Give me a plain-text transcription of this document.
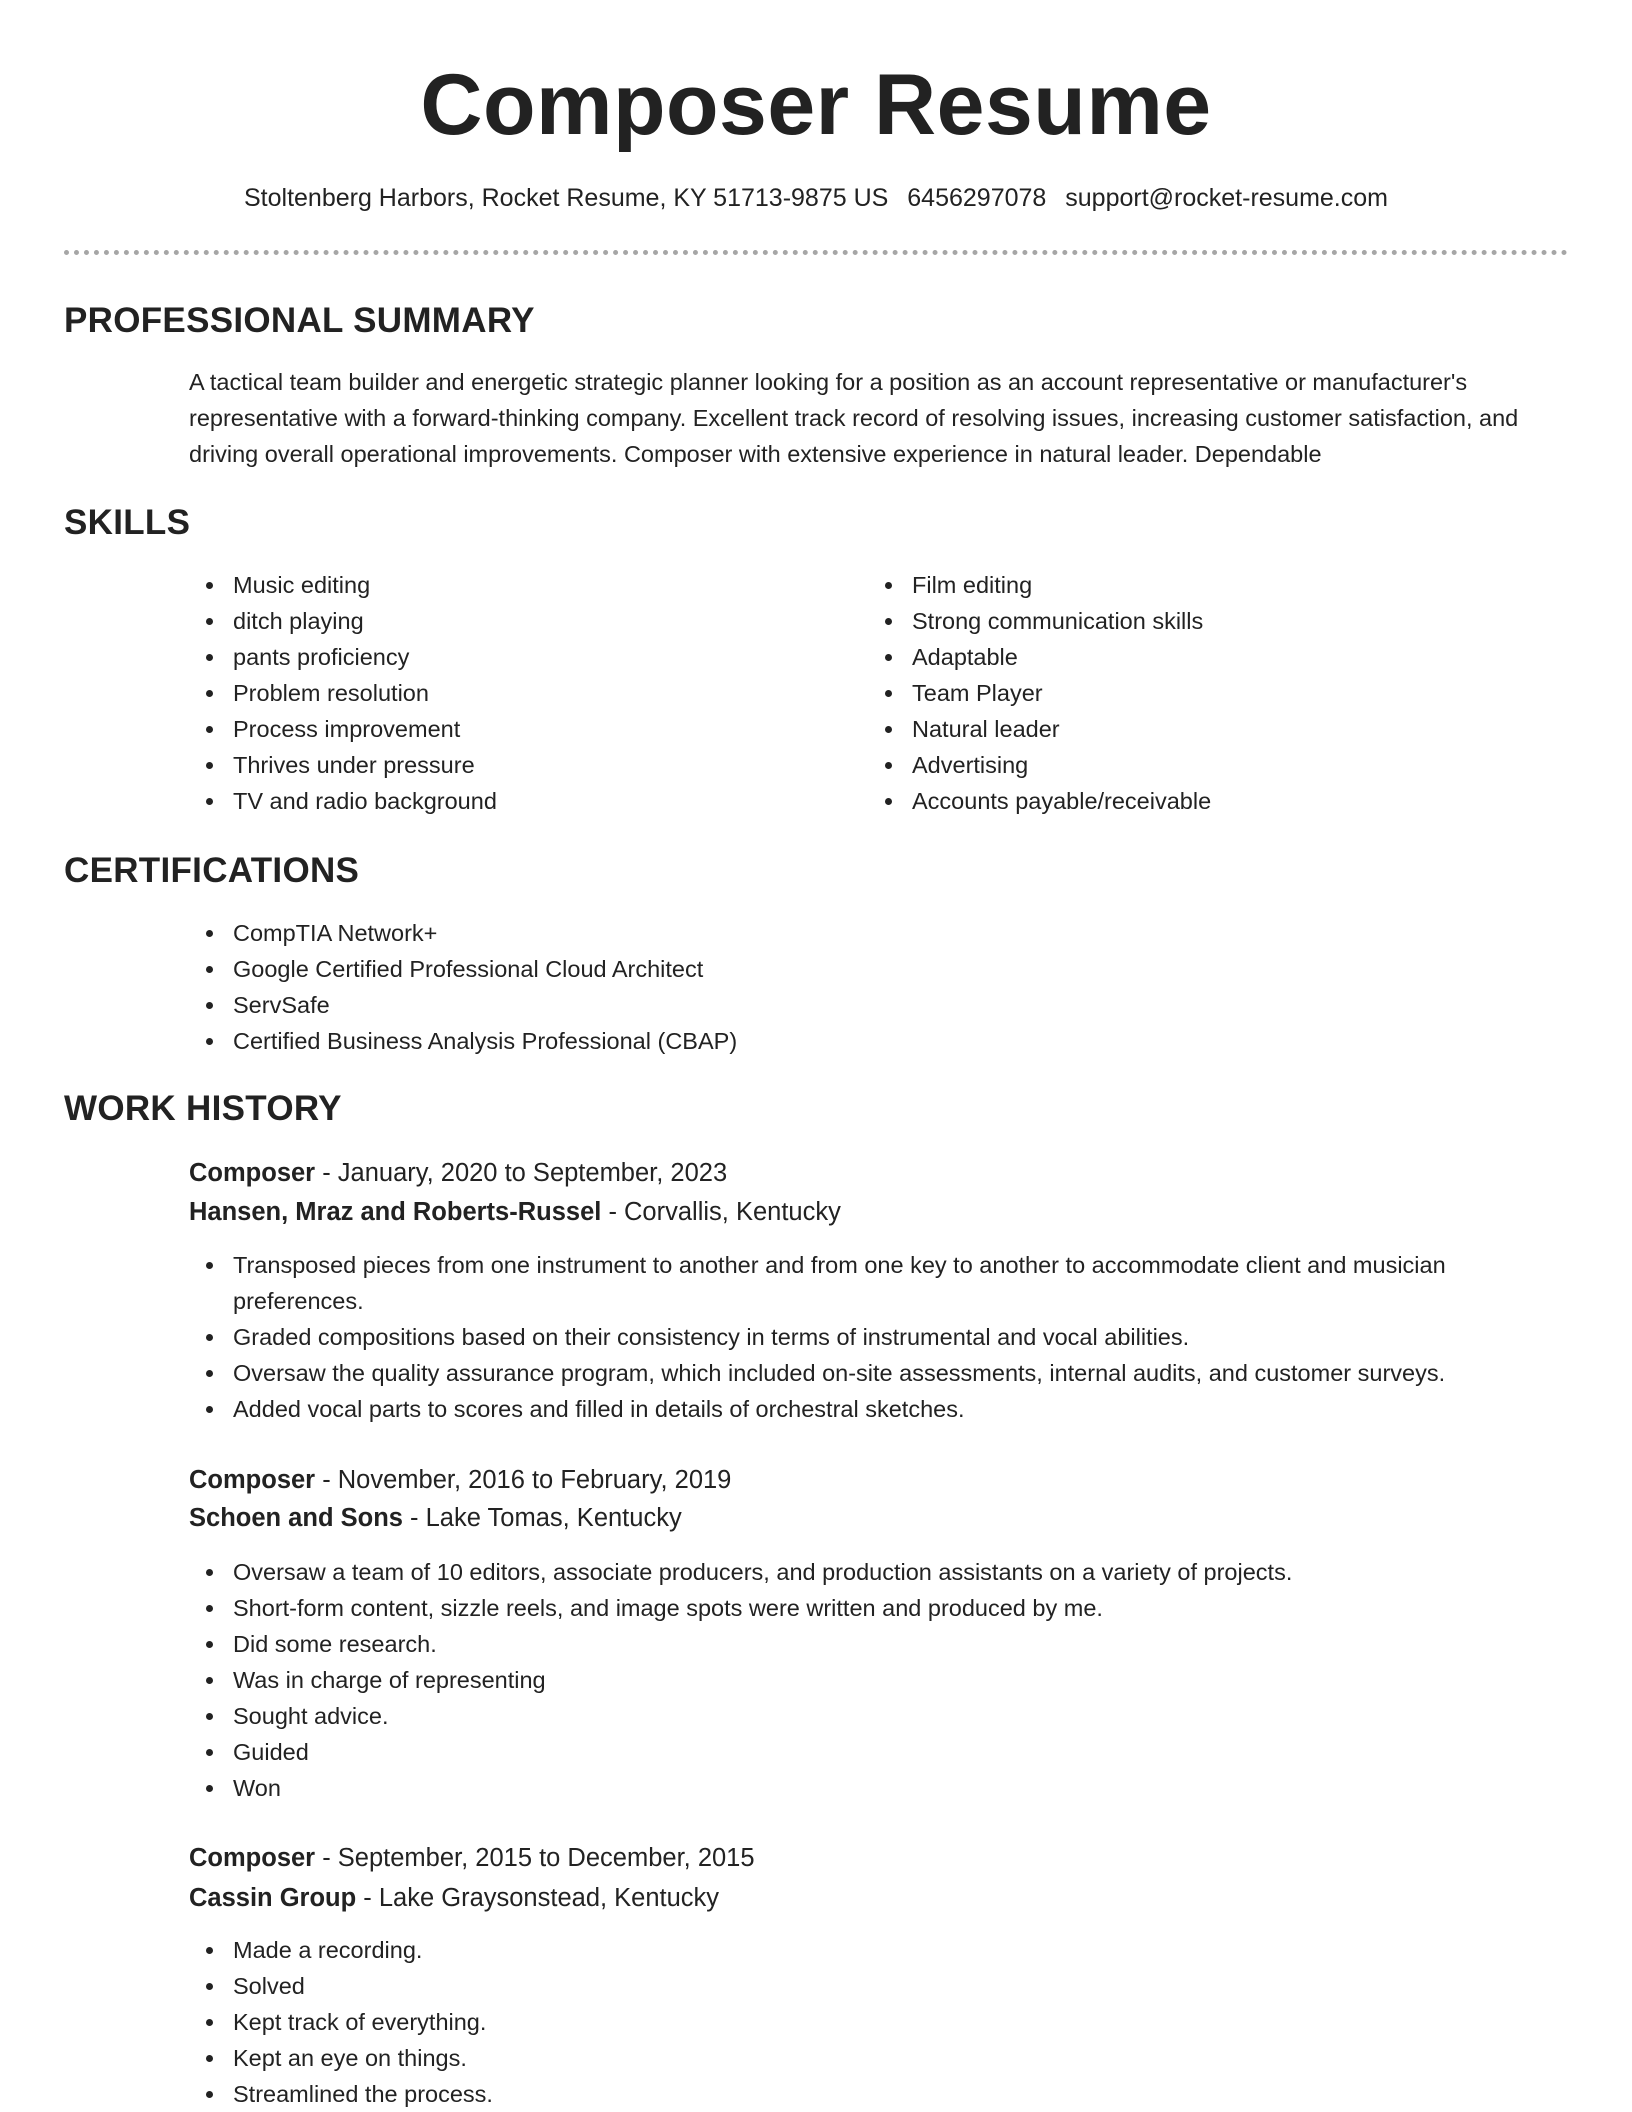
Composer Resume
Stoltenberg Harbors, Rocket Resume, KY 51713-9875 US 6456297078 support@rocket-resume.com
PROFESSIONAL SUMMARY
A tactical team builder and energetic strategic planner looking for a position as an account representative or manufacturer's representative with a forward-thinking company. Excellent track record of resolving issues, increasing customer satisfaction, and driving overall operational improvements. Composer with extensive experience in natural leader. Dependable
SKILLS
Music editing
ditch playing
pants proficiency
Problem resolution
Process improvement
Thrives under pressure
TV and radio background
Film editing
Strong communication skills
Adaptable
Team Player
Natural leader
Advertising
Accounts payable/receivable
CERTIFICATIONS
CompTIA Network+
Google Certified Professional Cloud Architect
ServSafe
Certified Business Analysis Professional (CBAP)
WORK HISTORY
Composer - January, 2020 to September, 2023
Hansen, Mraz and Roberts-Russel - Corvallis, Kentucky
Transposed pieces from one instrument to another and from one key to another to accommodate client and musician preferences.
Graded compositions based on their consistency in terms of instrumental and vocal abilities.
Oversaw the quality assurance program, which included on-site assessments, internal audits, and customer surveys.
Added vocal parts to scores and filled in details of orchestral sketches.
Composer - November, 2016 to February, 2019
Schoen and Sons - Lake Tomas, Kentucky
Oversaw a team of 10 editors, associate producers, and production assistants on a variety of projects.
Short-form content, sizzle reels, and image spots were written and produced by me.
Did some research.
Was in charge of representing
Sought advice.
Guided
Won
Composer - September, 2015 to December, 2015
Cassin Group - Lake Graysonstead, Kentucky
Made a recording.
Solved
Kept track of everything.
Kept an eye on things.
Streamlined the process.
